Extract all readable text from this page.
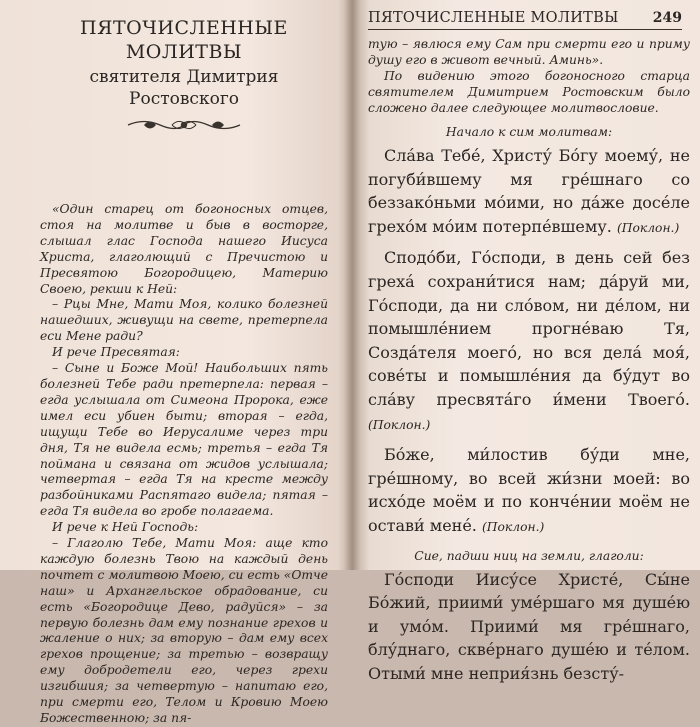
ПЯТОЧИСЛЕННЫЕ МОЛИТВЫ
святителя Димитрия Ростовского

«Один старец от богоносных отцев, стоя на молитве и быв в восторге, слышал глас Господа нашего Иисуса Христа, глаголющий с Пречистою и Пресвятою Богородицею, Материю Своею, рекши к Ней:

– Рцы Мне, Мати Моя, колико болезней нашедших, живущи на свете, претерпела еси Мене ради?

И рече Пресвятая:

– Сыне и Боже Мой! Наибольших пять болезней Тебе ради претерпела: первая – егда услышала от Симеона Пророка, еже имел еси убиен быти; вторая – егда, ищущи Тебе во Иерусалиме через три дня, Тя не видела есмь; третья – егда Тя поймана и связана от жидов услышала; четвертая – егда Тя на кресте между разбойниками Распятаго видела; пятая – егда Тя видела во гробе полагаема.

И рече к Ней Господь:

– Глаголю Тебе, Мати Моя: аще кто каждую болезнь Твою на каждый день почтет с молитвою Моею, си есть «Отче наш» и Архангельское обрадование, си есть «Богородице Дево, радуйся» – за первую болезнь дам ему познание грехов и жаление о них; за вторую – дам ему всех грехов прощение; за третью – возвращу ему добродетели его, через грехи изгибшия; за четвертую – напитаю его, при смерти его, Телом и Кровию Моею Божественною; за пя-

ПЯТОЧИСЛЕННЫЕ МОЛИТВЫ 249

тую – явлюся ему Сам при смерти его и приму душу его в живот вечный. Аминь».

По видению этого богоносного старца святителем Димитрием Ростовским было сложено далее следующее молитвословие.

Начало к сим молитвам:

Сла́ва Тебе́, Христу́ Бо́гу моему́, не погуби́вшему мя гре́шнаго со беззако́ньми мо́ими, но да́же досе́ле грехо́м мо́им потерпе́вшему. (Поклон.)

Сподо́би, Го́споди, в день сей без греха́ сохрани́тися нам; да́руй ми, Го́споди, да ни сло́вом, ни де́лом, ни помышле́нием прогне́ваю Тя, Созда́теля моего́, но вся дела́ моя́, сове́ты и помышле́ния да бу́дут во сла́ву пресвята́го и́мени Твоего́. (Поклон.)

Бо́же, ми́лостив бу́ди мне, гре́шному, во всей жи́зни моей: во исхо́де моём и по конче́нии моём не остави́ мене́. (Поклон.)

Сие, падши ниц на земли, глаголи:

Го́споди Иису́се Христе́, Сы́не Бо́жий, приими́ уме́ршаго мя душе́ю и умо́м. Приими́ мя гре́шнаго, блу́днаго, скве́рнаго душе́ю и те́лом. Отыми́ мне неприя́знь безсту́-
